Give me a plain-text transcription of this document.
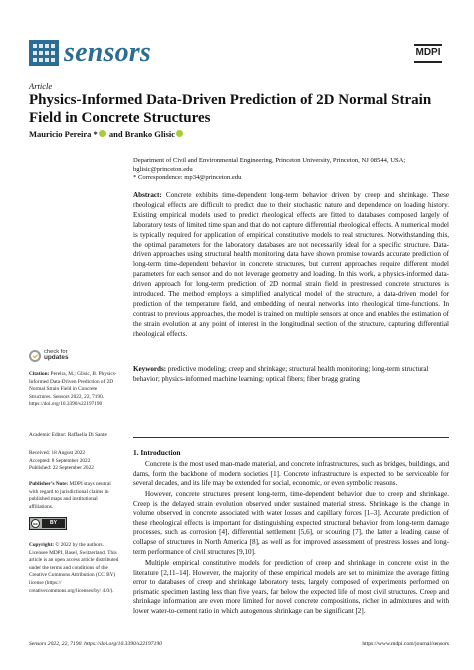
sensors	MDPI
Article
Physics-Informed Data-Driven Prediction of 2D Normal Strain Field in Concrete Structures
Mauricio Pereira * and Branko Glisic
Department of Civil and Environmental Engineering, Princeton University, Princeton, NJ 08544, USA;
bglisic@princeton.edu
* Correspondence: mp34@princeton.edu
Abstract: Concrete exhibits time-dependent long-term behavior driven by creep and shrinkage. These rheological effects are difficult to predict due to their stochastic nature and dependence on loading history. Existing empirical models used to predict rheological effects are fitted to databases composed largely of laboratory tests of limited time span and that do not capture differential rheological effects. A numerical model is typically required for application of empirical constitutive models to real structures. Notwithstanding this, the optimal parameters for the laboratory databases are not necessarily ideal for a specific structure. Data-driven approaches using structural health monitoring data have shown promise towards accurate prediction of long-term time-dependent behavior in concrete structures, but current approaches require different model parameters for each sensor and do not leverage geometry and loading. In this work, a physics-informed data-driven approach for long-term prediction of 2D normal strain field in prestressed concrete structures is introduced. The method employs a simplified analytical model of the structure, a data-driven model for prediction of the temperature field, and embedding of neural networks into rheological time-functions. In contrast to previous approaches, the model is trained on multiple sensors at once and enables the estimation of the strain evolution at any point of interest in the longitudinal section of the structure, capturing differential rheological effects.
Keywords: predictive modeling; creep and shrinkage; structural health monitoring; long-term structural behavior; physics-informed machine learning; optical fibers; fiber bragg grating
check for
updates
Citation: Pereira, M.; Glisic, B. Physics-Informed Data-Driven Prediction of 2D Normal Strain Field in Concrete Structures. Sensors 2022, 22, 7190. https://doi.org/10.3390/s22197190
Academic Editor: Raffaella Di Sante
Received: 18 August 2022
Accepted: 8 September 2022
Published: 22 September 2022
Publisher’s Note: MDPI stays neutral with regard to jurisdictional claims in published maps and institutional affiliations.
cc	BY
Copyright: © 2022 by the authors. Licensee MDPI, Basel, Switzerland. This article is an open access article distributed under the terms and conditions of the Creative Commons Attribution (CC BY) license (https:// creativecommons.org/licenses/by/ 4.0/).
1. Introduction
Concrete is the most used man-made material, and concrete infrastructures, such as bridges, buildings, and dams, form the backbone of modern societies [1]. Concrete infrastructure is expected to be serviceable for several decades, and its life may be extended for social, economic, or even symbolic reasons.
However, concrete structures present long-term, time-dependent behavior due to creep and shrinkage. Creep is the delayed strain evolution observed under sustained material stress. Shrinkage is the change in volume observed in concrete associated with water losses and capillary forces [1–3]. Accurate prediction of these rheological effects is important for distinguishing expected structural behavior from long-term damage processes, such as corrosion [4], differential settlement [5,6], or scouring [7], the latter a leading cause of collapse of structures in North America [8], as well as for improved assessment of prestress losses and long-term performance of civil structures [9,10].
Multiple empirical constitutive models for prediction of creep and shrinkage in concrete exist in the literature [2,11–14]. However, the majority of these empirical models are set to minimize the average fitting error to databases of creep and shrinkage laboratory tests, largely composed of experiments performed on prismatic specimen lasting less than five years, far below the expected life of most civil structures. Creep and shrinkage information are even more limited for novel concrete compositions, richer in admixtures and with lower water-to-cement ratio in which autogenous shrinkage can be significant [2].
Sensors 2022, 22, 7190. https://doi.org/10.3390/s22197190	https://www.mdpi.com/journal/sensors
